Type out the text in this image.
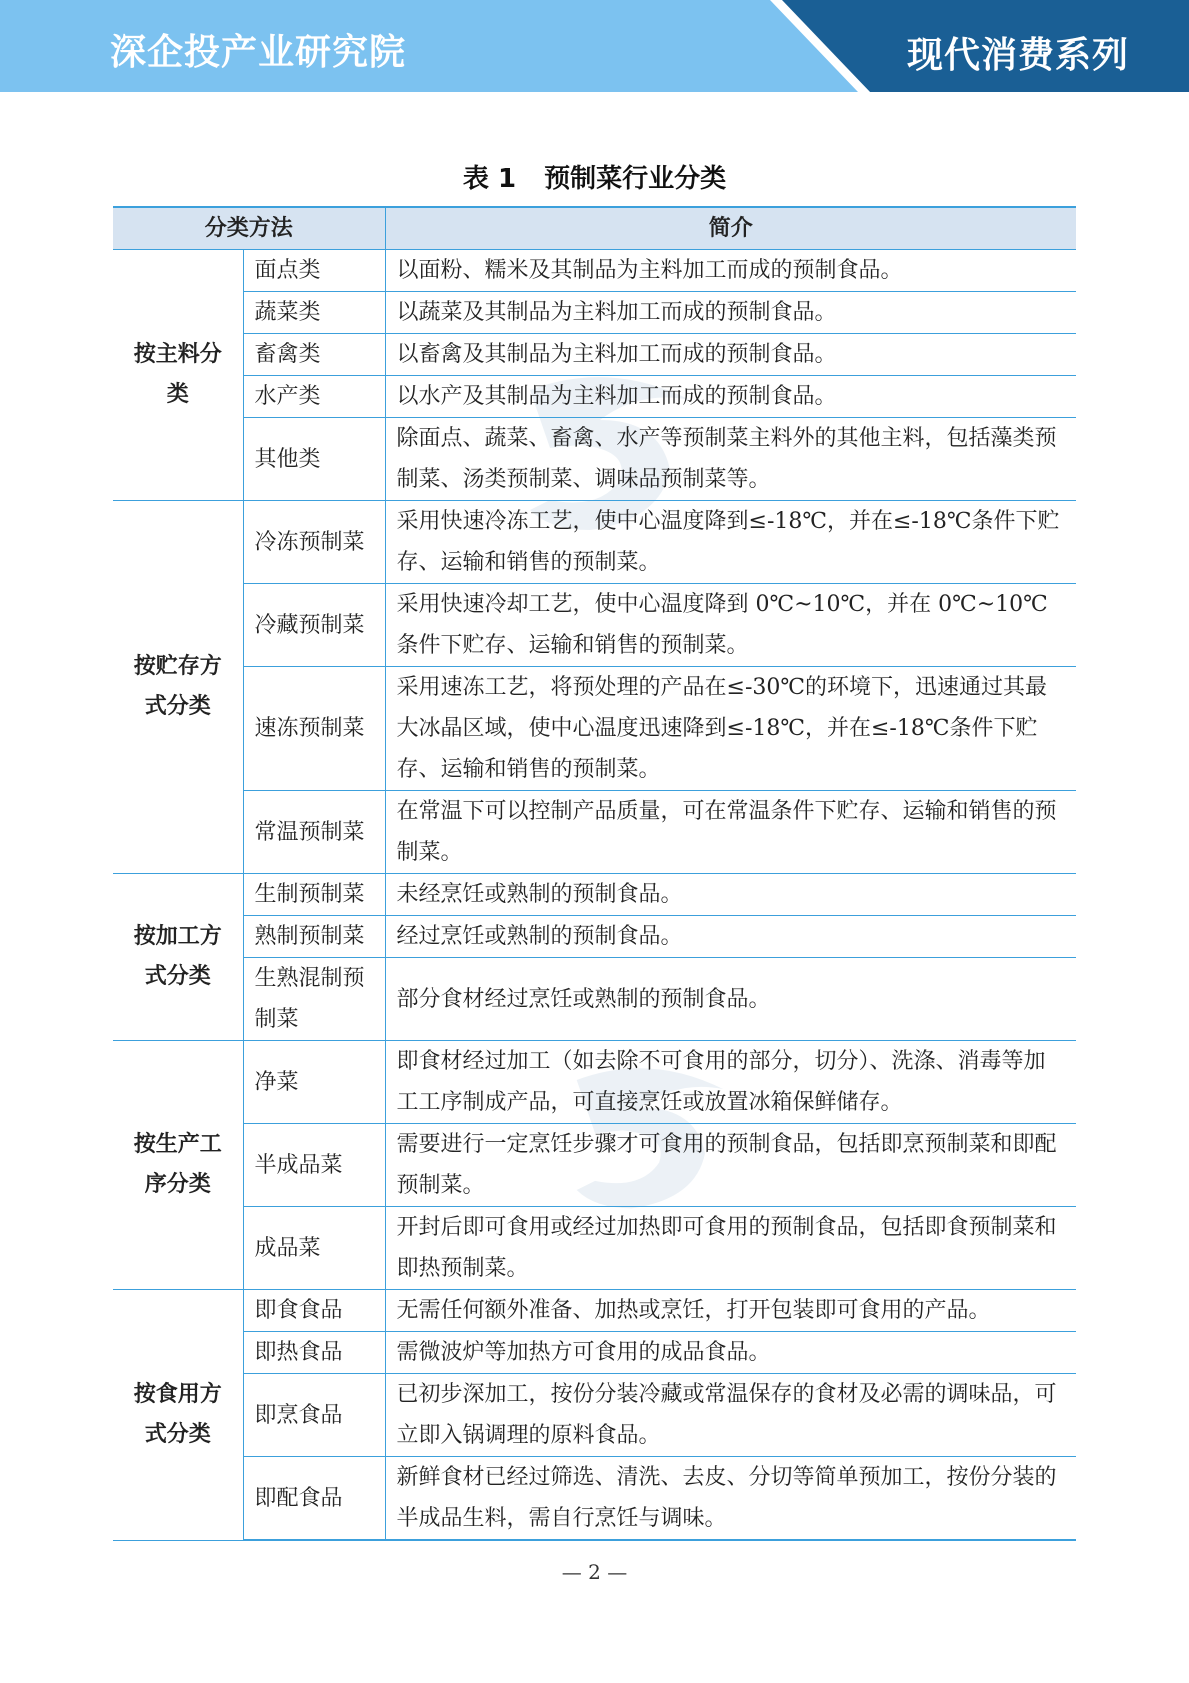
深企投产业研究院	现代消费系列
表 1 预制菜行业分类
分类方法		简介
按主料分类	面点类	以面粉、糯米及其制品为主料加工而成的预制食品。
	蔬菜类	以蔬菜及其制品为主料加工而成的预制食品。
	畜禽类	以畜禽及其制品为主料加工而成的预制食品。
	水产类	以水产及其制品为主料加工而成的预制食品。
	其他类	除面点、蔬菜、畜禽、水产等预制菜主料外的其他主料，包括藻类预制菜、汤类预制菜、调味品预制菜等。
按贮存方式分类	冷冻预制菜	采用快速冷冻工艺，使中心温度降到≤-18℃，并在≤-18℃条件下贮存、运输和销售的预制菜。
	冷藏预制菜	采用快速冷却工艺，使中心温度降到 0℃~10℃，并在 0℃~10℃条件下贮存、运输和销售的预制菜。
	速冻预制菜	采用速冻工艺，将预处理的产品在≤-30℃的环境下，迅速通过其最大冰晶区域，使中心温度迅速降到≤-18℃，并在≤-18℃条件下贮存、运输和销售的预制菜。
	常温预制菜	在常温下可以控制产品质量，可在常温条件下贮存、运输和销售的预制菜。
按加工方式分类	生制预制菜	未经烹饪或熟制的预制食品。
	熟制预制菜	经过烹饪或熟制的预制食品。
	生熟混制预制菜	部分食材经过烹饪或熟制的预制食品。
按生产工序分类	净菜	即食材经过加工（如去除不可食用的部分，切分）、洗涤、消毒等加工工序制成产品，可直接烹饪或放置冰箱保鲜储存。
	半成品菜	需要进行一定烹饪步骤才可食用的预制食品，包括即烹预制菜和即配预制菜。
	成品菜	开封后即可食用或经过加热即可食用的预制食品，包括即食预制菜和即热预制菜。
按食用方式分类	即食食品	无需任何额外准备、加热或烹饪，打开包装即可食用的产品。
	即热食品	需微波炉等加热方可食用的成品食品。
	即烹食品	已初步深加工，按份分装冷藏或常温保存的食材及必需的调味品，可立即入锅调理的原料食品。
	即配食品	新鲜食材已经过筛选、清洗、去皮、分切等简单预加工，按份分装的半成品生料，需自行烹饪与调味。
— 2 —
